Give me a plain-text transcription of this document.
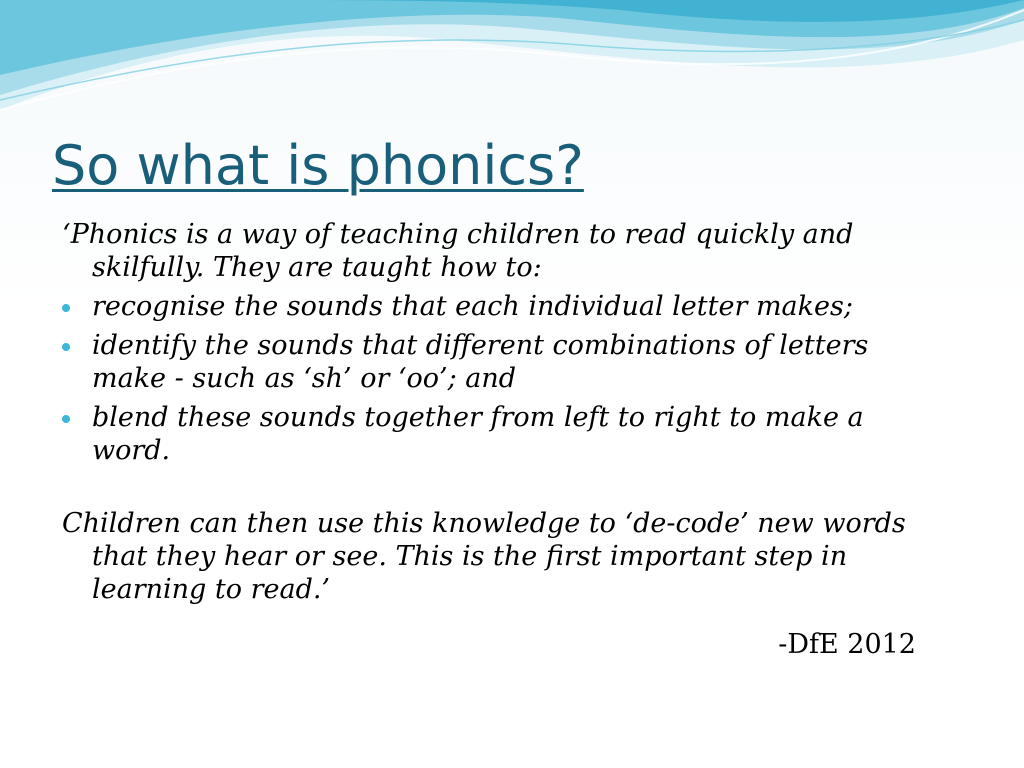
So what is phonics?

‘Phonics is a way of teaching children to read quickly and skilfully. They are taught how to:

recognise the sounds that each individual letter makes;
identify the sounds that different combinations of letters make - such as ‘sh’ or ‘oo’; and
blend these sounds together from left to right to make a word.

Children can then use this knowledge to ‘de-code’ new words that they hear or see. This is the first important step in learning to read.’

-DfE 2012
